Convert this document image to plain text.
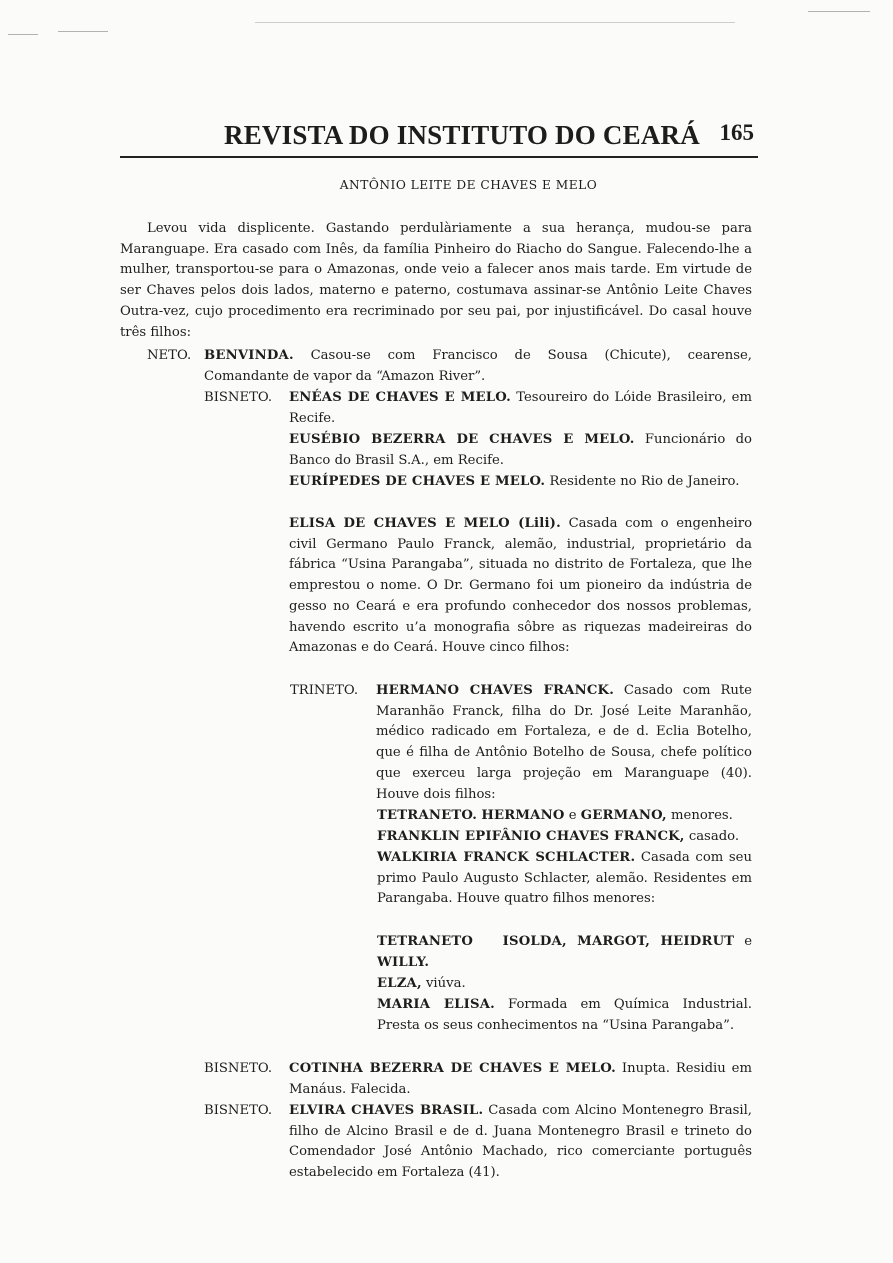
REVISTA DO INSTITUTO DO CEARÁ 165
ANTÔNIO LEITE DE CHAVES E MELO

Levou vida displicente. Gastando perdulàriamente a sua herança, mudou-se para Maranguape. Era casado com Inês, da família Pinheiro do Riacho do Sangue. Falecendo-lhe a mulher, transportou-se para o Amazonas, onde veio a falecer anos mais tarde. Em virtude de ser Chaves pelos dois lados, materno e paterno, costumava assinar-se Antônio Leite Chaves Outra-vez, cujo procedimento era recriminado por seu pai, por injustificável. Do casal houve três filhos:

NETO. BENVINDA. Casou-se com Francisco de Sousa (Chicute), cearense, Comandante de vapor da “Amazon River”.
BISNETO. ENÉAS DE CHAVES E MELO. Tesoureiro do Lóide Brasileiro, em Recife.
EUSÉBIO BEZERRA DE CHAVES E MELO. Funcionário do Banco do Brasil S.A., em Recife.
EURÍPEDES DE CHAVES E MELO. Residente no Rio de Janeiro.
ELISA DE CHAVES E MELO (Lili). Casada com o engenheiro civil Germano Paulo Franck, alemão, industrial, proprietário da fábrica “Usina Parangaba”, situada no distrito de Fortaleza, que lhe emprestou o nome. O Dr. Germano foi um pioneiro da indústria de gesso no Ceará e era profundo conhecedor dos nossos problemas, havendo escrito u’a monografia sôbre as riquezas madeireiras do Amazonas e do Ceará. Houve cinco filhos:
TRINETO. HERMANO CHAVES FRANCK. Casado com Rute Maranhão Franck, filha do Dr. José Leite Maranhão, médico radicado em Fortaleza, e de d. Eclia Botelho, que é filha de Antônio Botelho de Sousa, chefe político que exerceu larga projeção em Maranguape (40). Houve dois filhos:
TETRANETO. HERMANO e GERMANO, menores.
FRANKLIN EPIFÂNIO CHAVES FRANCK, casado.
WALKIRIA FRANCK SCHLACTER. Casada com seu primo Paulo Augusto Schlacter, alemão. Residentes em Parangaba. Houve quatro filhos menores:
TETRANETO ISOLDA, MARGOT, HEIDRUT e WILLY.
ELZA, viúva.
MARIA ELISA. Formada em Química Industrial. Presta os seus conhecimentos na “Usina Parangaba”.
BISNETO. COTINHA BEZERRA DE CHAVES E MELO. Inupta. Residiu em Manáus. Falecida.
BISNETO. ELVIRA CHAVES BRASIL. Casada com Alcino Montenegro Brasil, filho de Alcino Brasil e de d. Juana Montenegro Brasil e trineto do Comendador José Antônio Machado, rico comerciante português estabelecido em Fortaleza (41).
